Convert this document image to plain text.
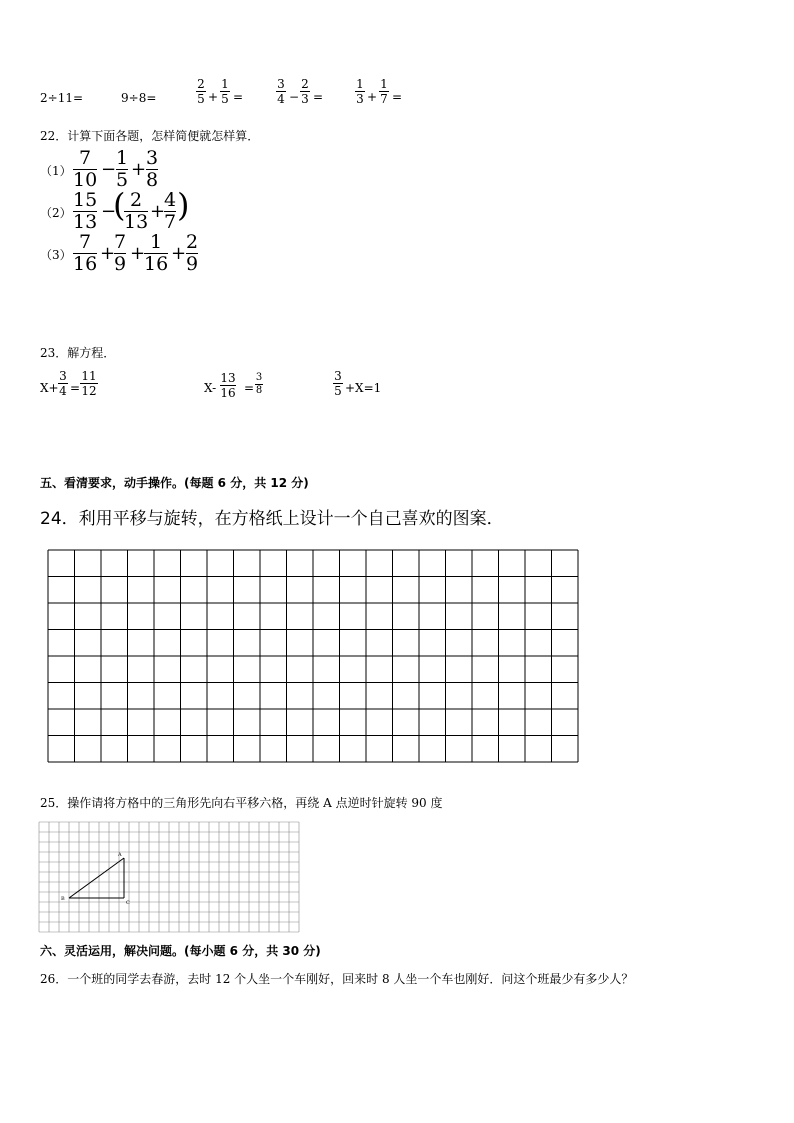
2÷11=	9÷8=
2
5 +
1
5 =
3
4 −
2
3 =
1
3 +
1
7 =
22．计算下面各题，怎样简便就怎样算．
（1）
7
10 −
1
5 +
3
8
（2）
15
13 −
( 2
13 +
4
7 )
（3）
7
16 +
7
9 +
1
16 +
2
9
23．解方程．
X+
3
4 =
11
12	X-
13
16 =
3
8
3
5 +X=1
五、看清要求，动手操作。(每题 6 分，共 12 分)
24．利用平移与旋转，在方格纸上设计一个自己喜欢的图案．
25．操作请将方格中的三角形先向右平移六格，再绕 A 点逆时针旋转 90 度
A
B
C
六、灵活运用，解决问题。(每小题 6 分，共 30 分)
26．一个班的同学去春游，去时 12 个人坐一个车刚好，回来时 8 人坐一个车也刚好．问这个班最少有多少人？
